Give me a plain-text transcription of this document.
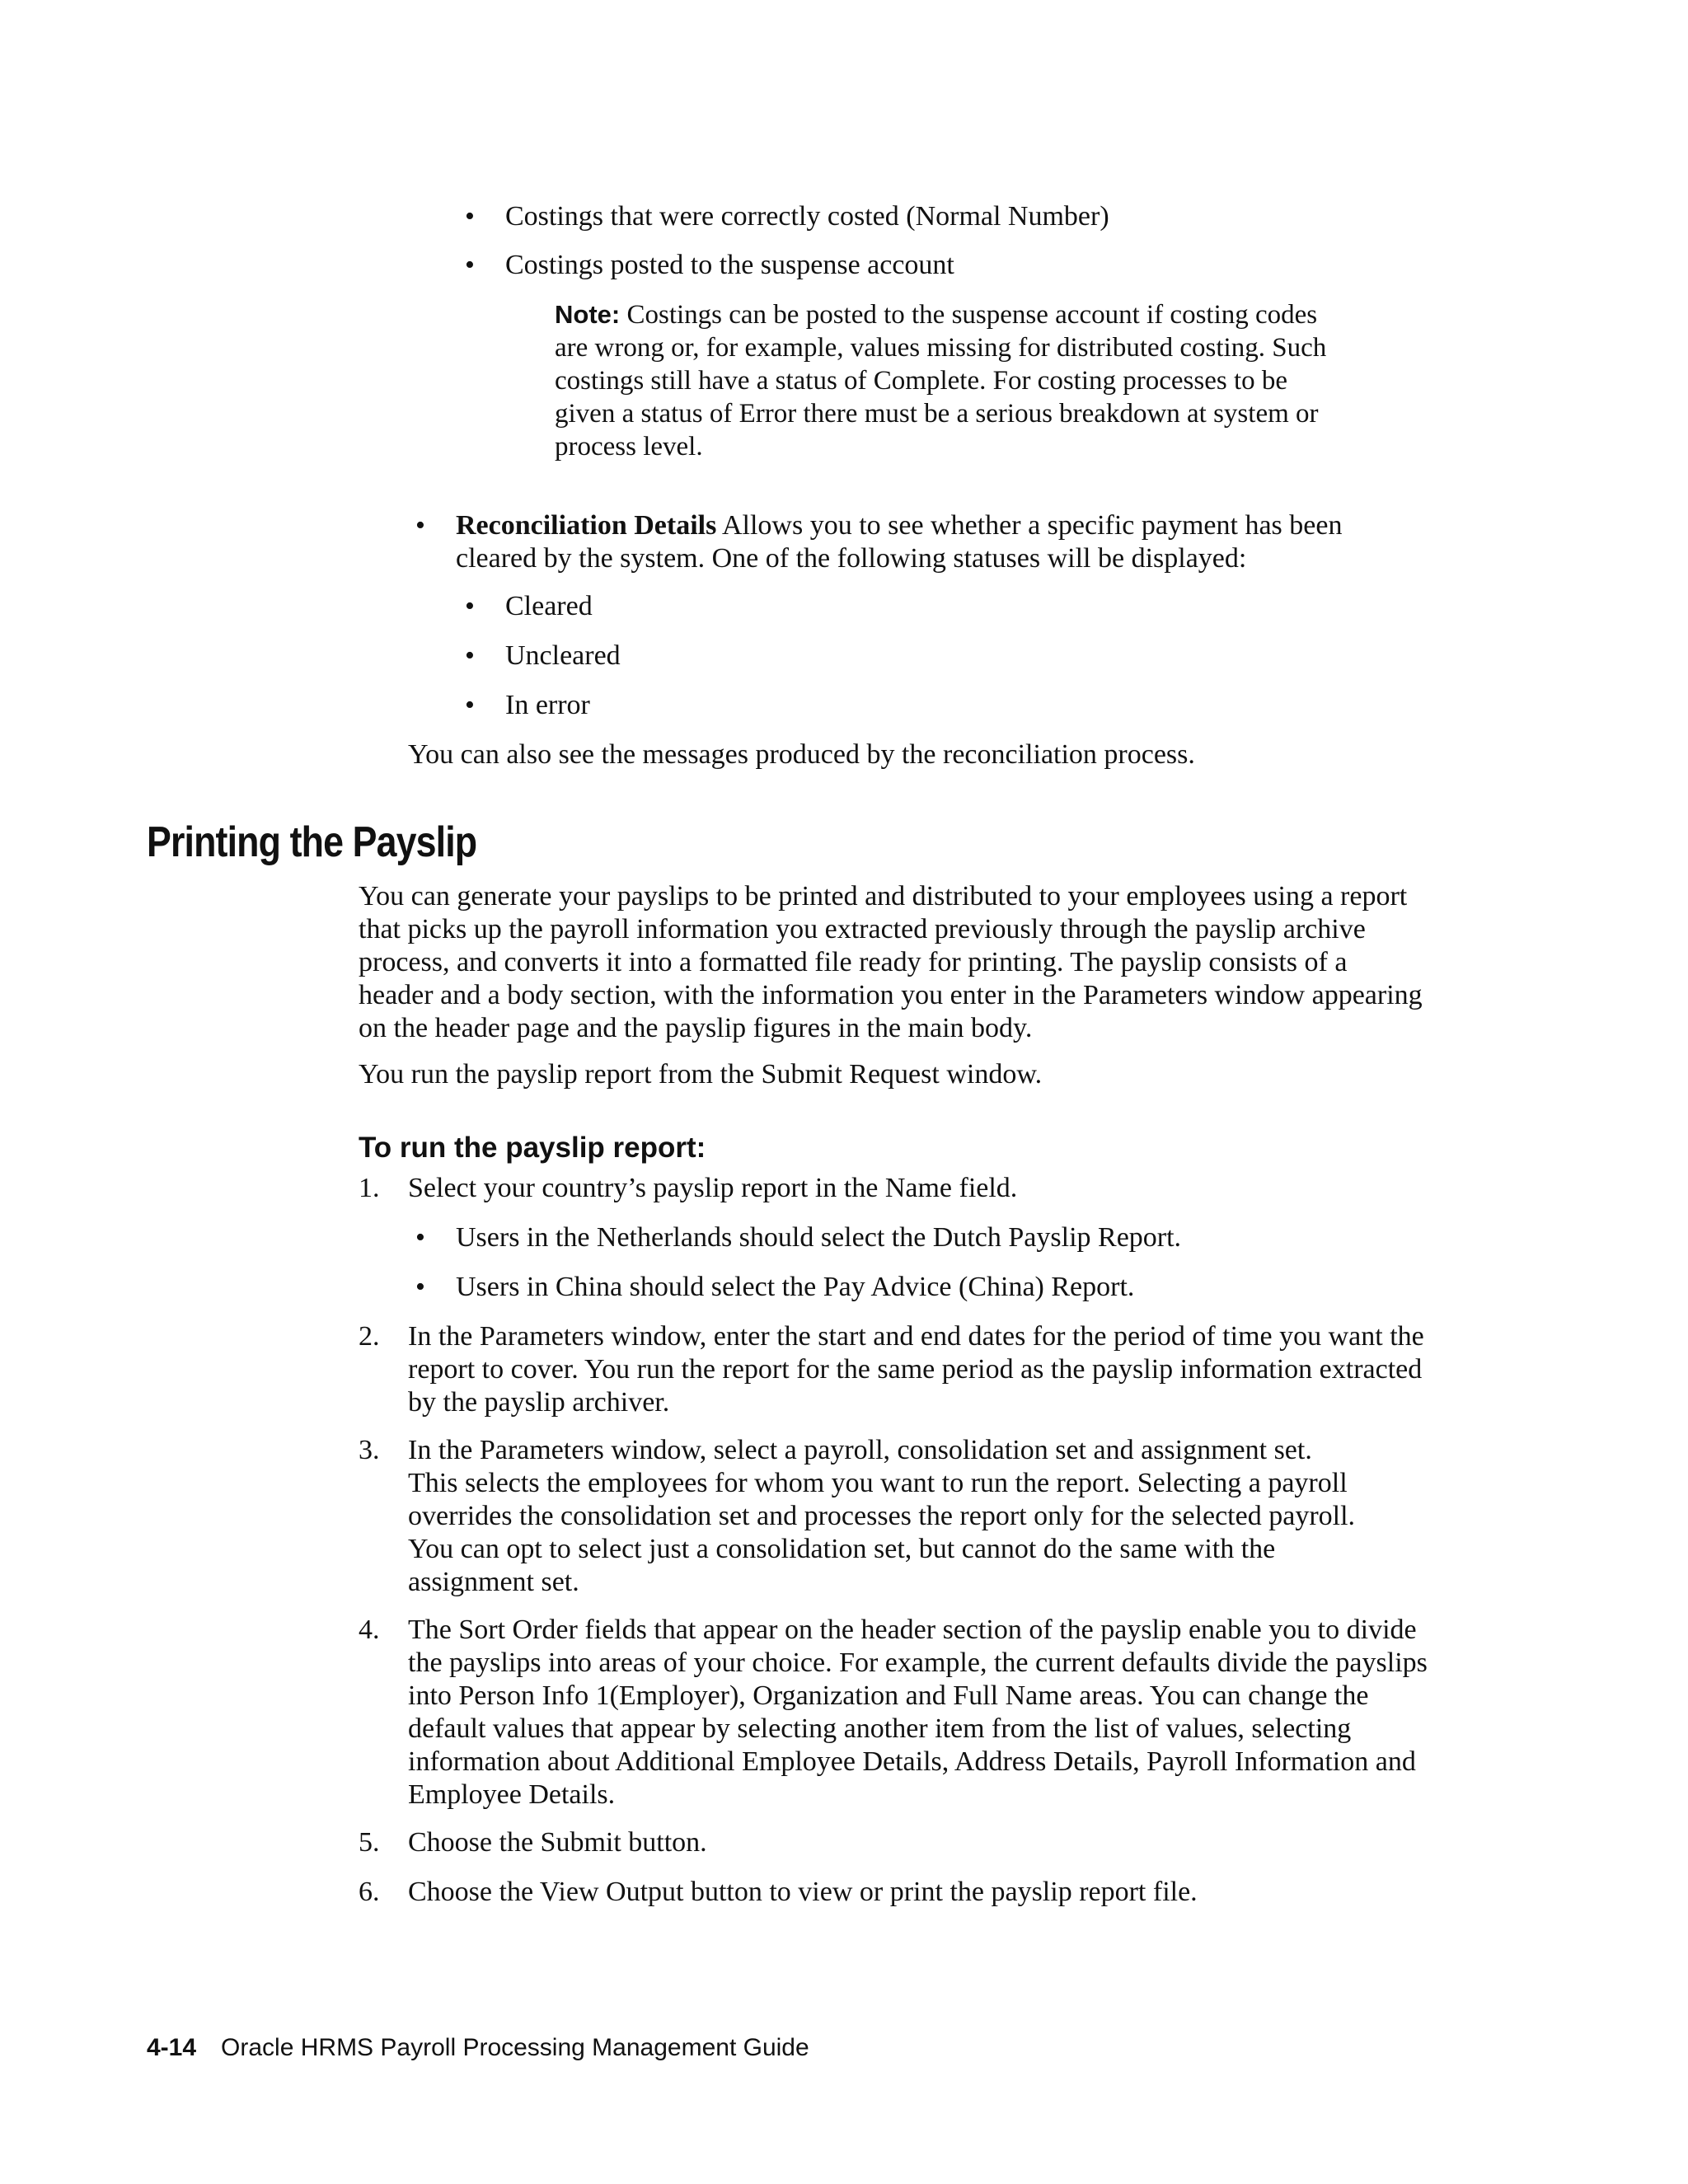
• Costings that were correctly costed (Normal Number)
• Costings posted to the suspense account
Note: Costings can be posted to the suspense account if costing codes are wrong or, for example, values missing for distributed costing. Such costings still have a status of Complete. For costing processes to be given a status of Error there must be a serious breakdown at system or process level.
• Reconciliation Details Allows you to see whether a specific payment has been cleared by the system. One of the following statuses will be displayed:
• Cleared
• Uncleared
• In error
You can also see the messages produced by the reconciliation process.
Printing the Payslip
You can generate your payslips to be printed and distributed to your employees using a report that picks up the payroll information you extracted previously through the payslip archive process, and converts it into a formatted file ready for printing. The payslip consists of a header and a body section, with the information you enter in the Parameters window appearing on the header page and the payslip figures in the main body.
You run the payslip report from the Submit Request window.
To run the payslip report:
1.	Select your country’s payslip report in the Name field.
• Users in the Netherlands should select the Dutch Payslip Report.
• Users in China should select the Pay Advice (China) Report.
2.	In the Parameters window, enter the start and end dates for the period of time you want the report to cover. You run the report for the same period as the payslip information extracted by the payslip archiver.
3.	In the Parameters window, select a payroll, consolidation set and assignment set. This selects the employees for whom you want to run the report. Selecting a payroll overrides the consolidation set and processes the report only for the selected payroll. You can opt to select just a consolidation set, but cannot do the same with the assignment set.
4.	The Sort Order fields that appear on the header section of the payslip enable you to divide the payslips into areas of your choice. For example, the current defaults divide the payslips into Person Info 1(Employer), Organization and Full Name areas. You can change the default values that appear by selecting another item from the list of values, selecting information about Additional Employee Details, Address Details, Payroll Information and Employee Details.
5.	Choose the Submit button.
6.	Choose the View Output button to view or print the payslip report file.
4-14 Oracle HRMS Payroll Processing Management Guide
